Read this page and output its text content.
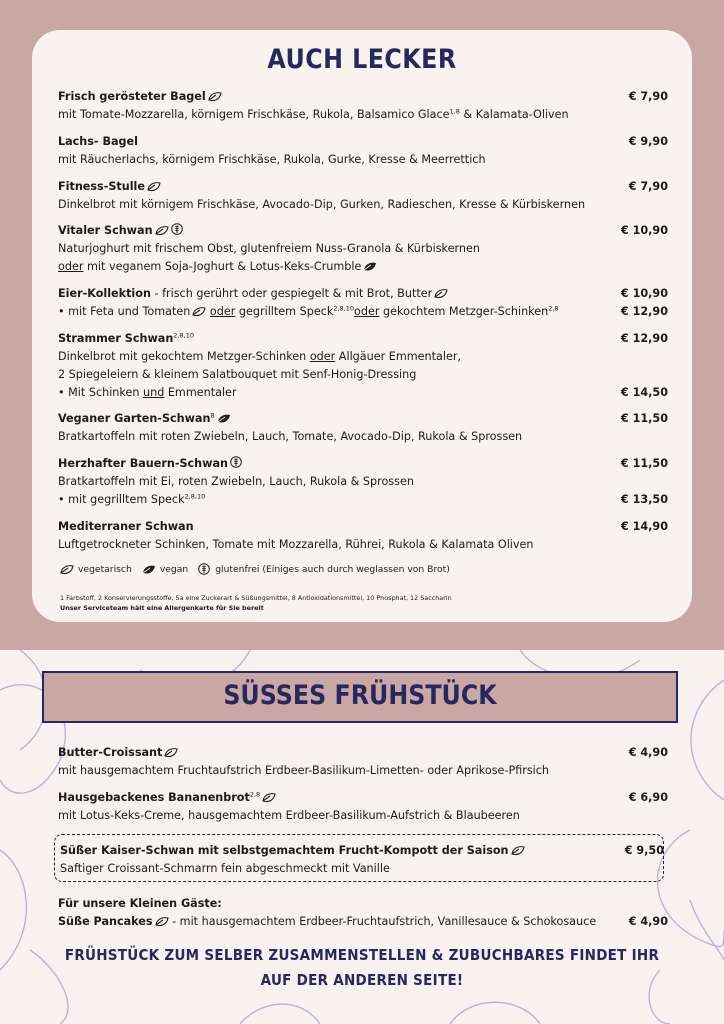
AUCH LECKER
Frisch gerösteter Bagel	€ 7,90
mit Tomate-Mozzarella, körnigem Frischkäse, Rukola, Balsamico Glace$^{1,8}$ & Kalamata-Oliven
Lachs- Bagel	€ 9,90
mit Räucherlachs, körnigem Frischkäse, Rukola, Gurke, Kresse & Meerrettich
Fitness-Stulle	€ 7,90
Dinkelbrot mit körnigem Frischkäse, Avocado-Dip, Gurken, Radieschen, Kresse & Kürbiskernen
Vitaler Schwan	€ 10,90
Naturjoghurt mit frischem Obst, glutenfreiem Nuss-Granola & Kürbiskernen
oder mit veganem Soja-Joghurt & Lotus-Keks-Crumble
Eier-Kollektion - frisch gerührt oder gespiegelt & mit Brot, Butter	€ 10,90
• mit Feta und Tomaten oder gegrilltem Speck$^{2,8,10}$oder gekochtem Metzger-Schinken$^{2,8}$	€ 12,90
Strammer Schwan$^{2,8,10}$	€ 12,90
Dinkelbrot mit gekochtem Metzger-Schinken oder Allgäuer Emmentaler,
2 Spiegeleiern & kleinem Salatbouquet mit Senf-Honig-Dressing
• Mit Schinken und Emmentaler	€ 14,50
Veganer Garten-Schwan$^8$	€ 11,50
Bratkartoffeln mit roten Zwiebeln, Lauch, Tomate, Avocado-Dip, Rukola & Sprossen
Herzhafter Bauern-Schwan	€ 11,50
Bratkartoffeln mit Ei, roten Zwiebeln, Lauch, Rukola & Sprossen
• mit gegrilltem Speck$^{2,8,10}$	€ 13,50
Mediterraner Schwan	€ 14,90
Luftgetrockneter Schinken, Tomate mit Mozzarella, Rührei, Rukola & Kalamata Oliven
vegetarisch	vegan	glutenfrei (Einiges auch durch weglassen von Brot)
1 Farbstoff, 2 Konservierungsstoffe, 5a eine Zuckerart & Süßungsmittel, 8 Antioxidationsmittel, 10 Phosphat, 12 Saccharin
Unser Serviceteam hält eine Allergenkarte für Sie bereit
SÜSSES FRÜHSTÜCK
Butter-Croissant	€ 4,90
mit hausgemachtem Fruchtaufstrich Erdbeer-Basilikum-Limetten- oder Aprikose-Pfirsich
Hausgebackenes Bananenbrot$^{2,8}$	€ 6,90
mit Lotus-Keks-Creme, hausgemachtem Erdbeer-Basilikum-Aufstrich & Blaubeeren
Süßer Kaiser-Schwan mit selbstgemachtem Frucht-Kompott der Saison	€ 9,50
Saftiger Croissant-Schmarrn fein abgeschmeckt mit Vanille
Für unsere Kleinen Gäste:
Süße Pancakes - mit hausgemachtem Erdbeer-Fruchtaufstrich, Vanillesauce & Schokosauce	€ 4,90
FRÜHSTÜCK ZUM SELBER ZUSAMMENSTELLEN & ZUBUCHBARES FINDET IHR
AUF DER ANDEREN SEITE!
